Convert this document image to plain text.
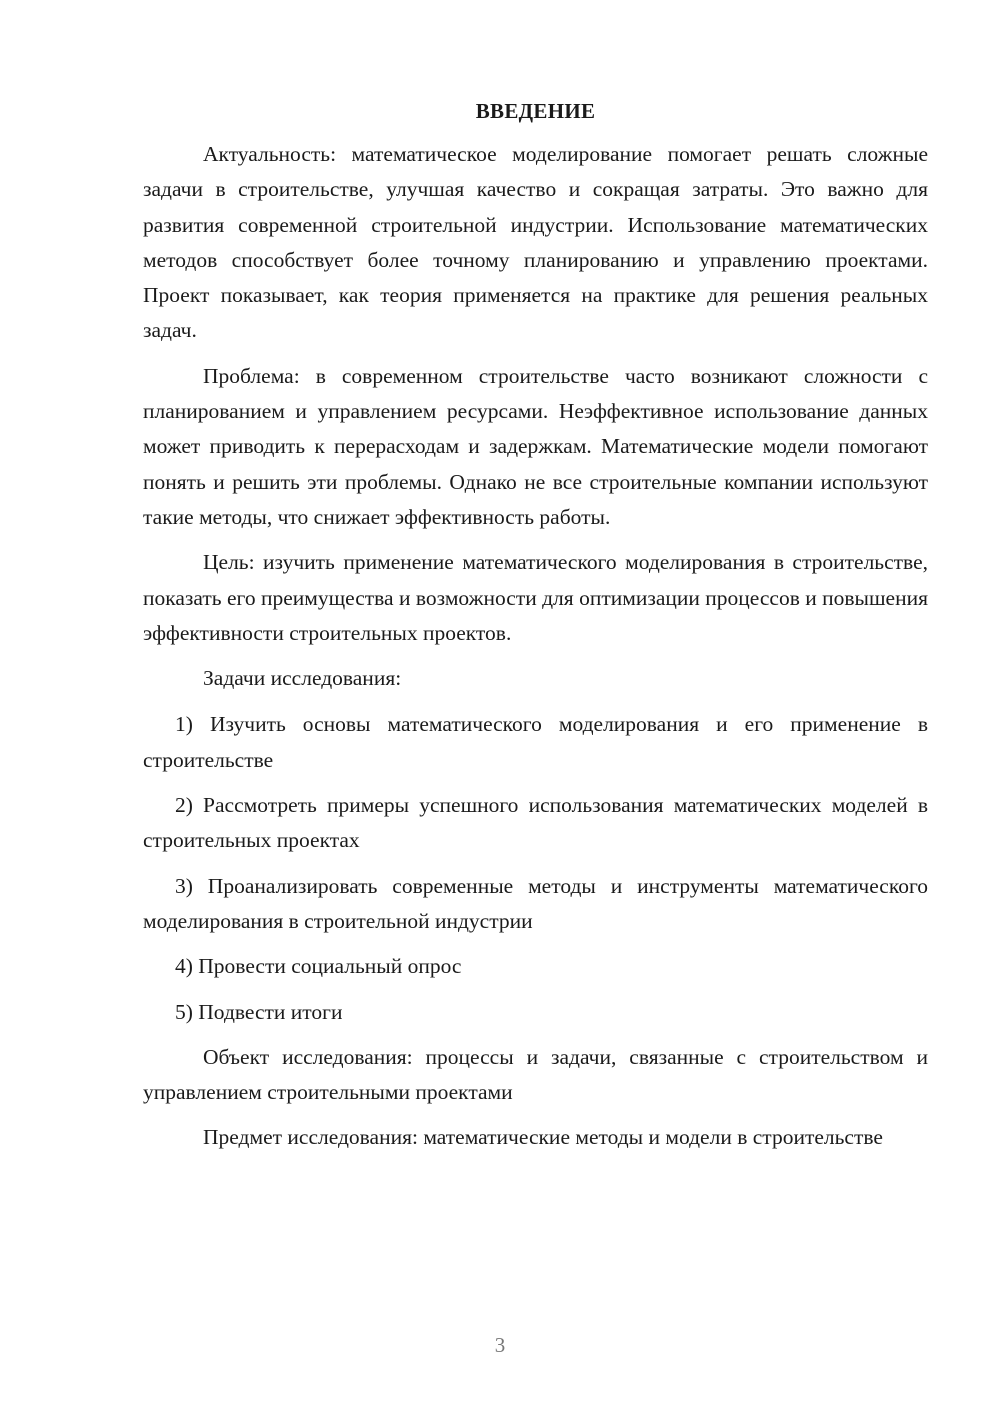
ВВЕДЕНИЕ

Актуальность: математическое моделирование помогает решать сложные задачи в строительстве, улучшая качество и сокращая затраты. Это важно для развития современной строительной индустрии. Использование математических методов способствует более точному планированию и управлению проектами. Проект показывает, как теория применяется на практике для решения реальных задач.

Проблема: в современном строительстве часто возникают сложности с планированием и управлением ресурсами. Неэффективное использование данных может приводить к перерасходам и задержкам. Математические модели помогают понять и решить эти проблемы. Однако не все строительные компании используют такие методы, что снижает эффективность работы.

Цель: изучить применение математического моделирования в строительстве, показать его преимущества и возможности для оптимизации процессов и повышения эффективности строительных проектов.

Задачи исследования:

1) Изучить основы математического моделирования и его применение в строительстве

2) Рассмотреть примеры успешного использования математических моделей в строительных проектах

3) Проанализировать современные методы и инструменты математического моделирования в строительной индустрии

4) Провести социальный опрос

5) Подвести итоги

Объект исследования: процессы и задачи, связанные с строительством и управлением строительными проектами

Предмет исследования: математические методы и модели в строительстве

3
